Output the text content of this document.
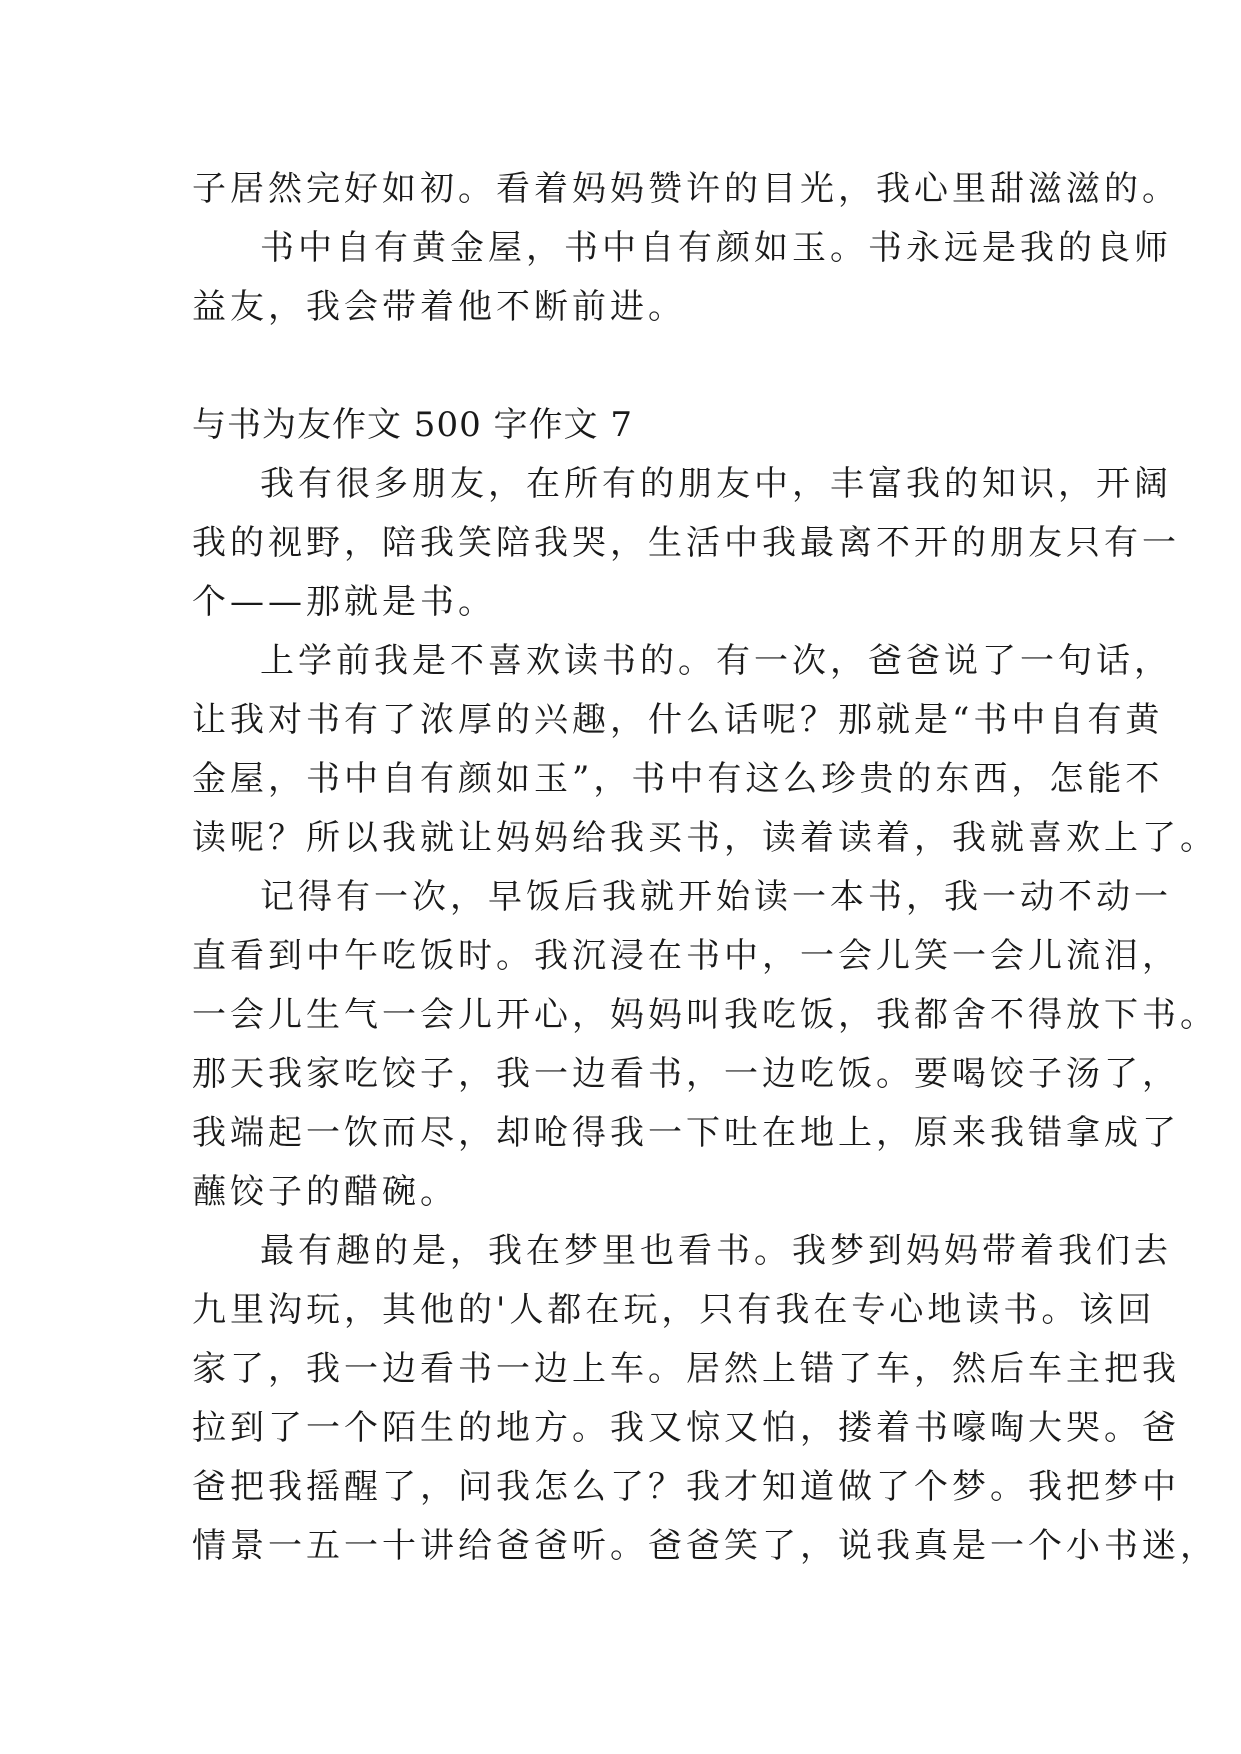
子居然完好如初。看着妈妈赞许的目光，我心里甜滋滋的。
书中自有黄金屋，书中自有颜如玉。书永远是我的良师
益友，我会带着他不断前进。
与书为友作文 500 字作文 7
我有很多朋友，在所有的朋友中，丰富我的知识，开阔
我的视野，陪我笑陪我哭，生活中我最离不开的朋友只有一
个——那就是书。
上学前我是不喜欢读书的。有一次，爸爸说了一句话，
让我对书有了浓厚的兴趣，什么话呢？那就是“书中自有黄
金屋，书中自有颜如玉”，书中有这么珍贵的东西，怎能不
读呢？所以我就让妈妈给我买书，读着读着，我就喜欢上了。
记得有一次，早饭后我就开始读一本书，我一动不动一
直看到中午吃饭时。我沉浸在书中，一会儿笑一会儿流泪，
一会儿生气一会儿开心，妈妈叫我吃饭，我都舍不得放下书。
那天我家吃饺子，我一边看书，一边吃饭。要喝饺子汤了，
我端起一饮而尽，却呛得我一下吐在地上，原来我错拿成了
蘸饺子的醋碗。
最有趣的是，我在梦里也看书。我梦到妈妈带着我们去
九里沟玩，其他的'人都在玩，只有我在专心地读书。该回
家了，我一边看书一边上车。居然上错了车，然后车主把我
拉到了一个陌生的地方。我又惊又怕，搂着书嚎啕大哭。爸
爸把我摇醒了，问我怎么了？我才知道做了个梦。我把梦中
情景一五一十讲给爸爸听。爸爸笑了，说我真是一个小书迷，
